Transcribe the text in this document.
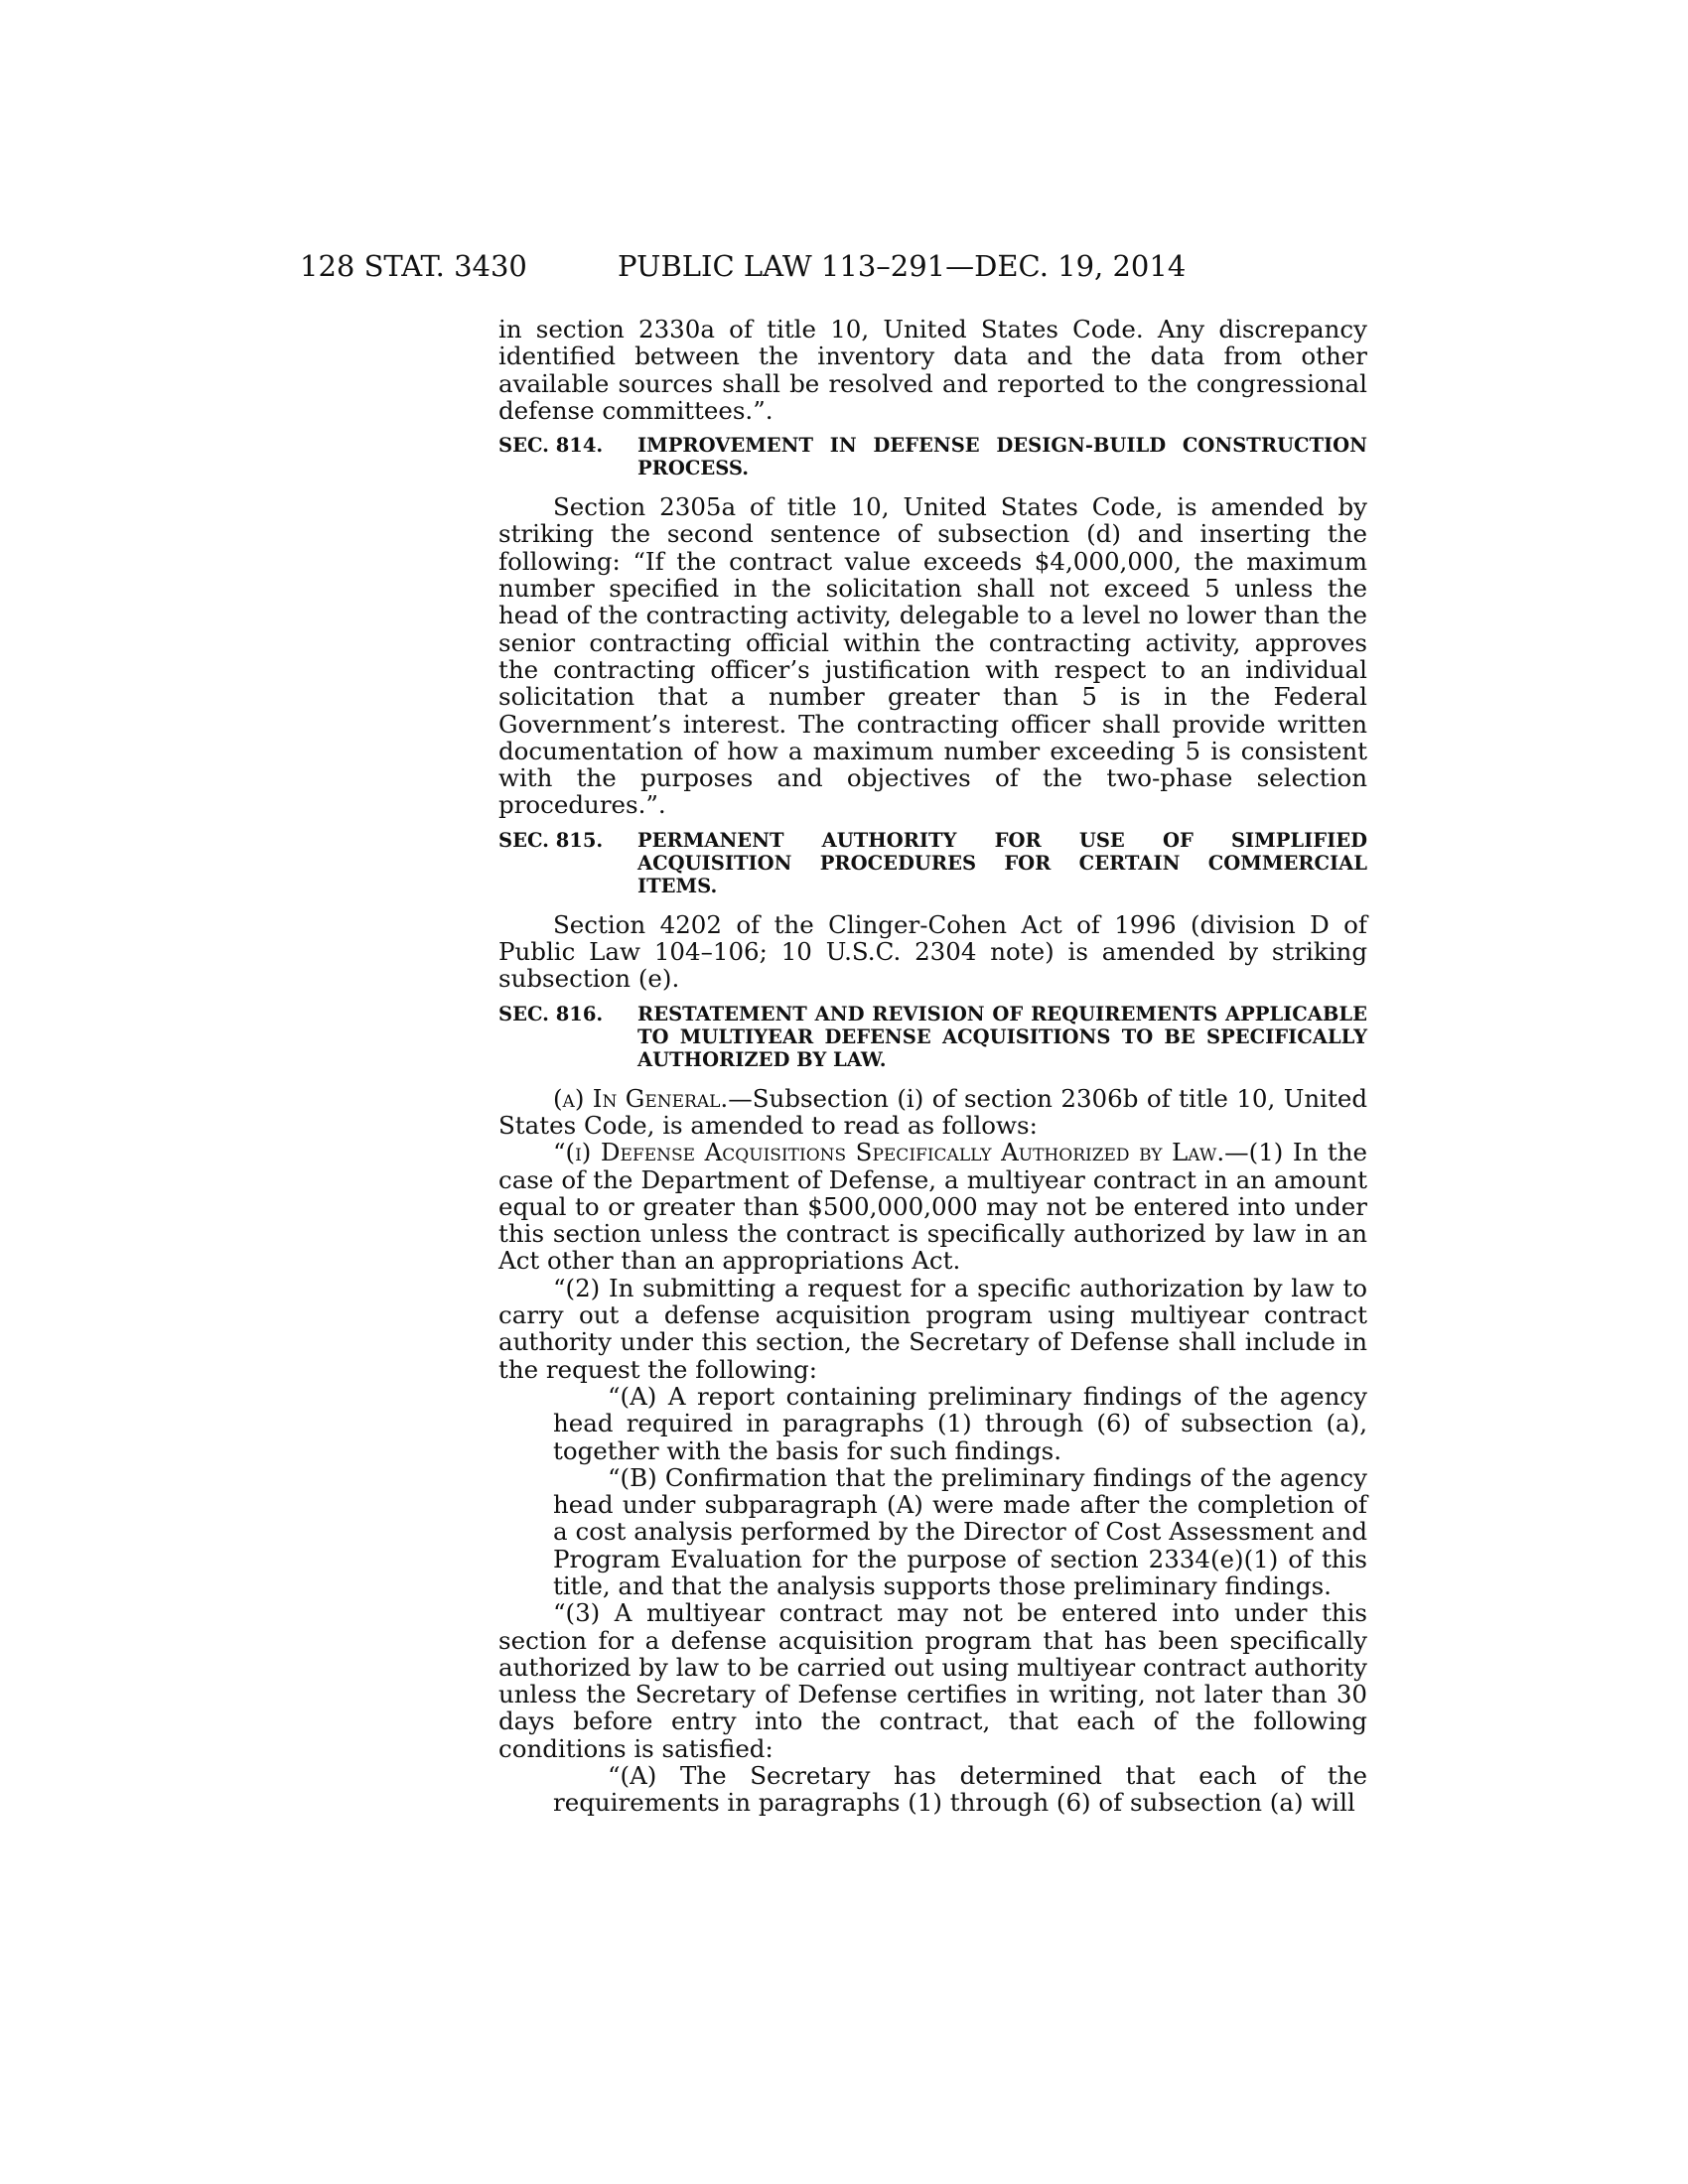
128 STAT. 3430	PUBLIC LAW 113–291—DEC. 19, 2014

in section 2330a of title 10, United States Code. Any discrepancy identified between the inventory data and the data from other available sources shall be resolved and reported to the congressional defense committees.”.

SEC. 814. IMPROVEMENT IN DEFENSE DESIGN-BUILD CONSTRUCTION PROCESS.

Section 2305a of title 10, United States Code, is amended by striking the second sentence of subsection (d) and inserting the following: “If the contract value exceeds $4,000,000, the maximum number specified in the solicitation shall not exceed 5 unless the head of the contracting activity, delegable to a level no lower than the senior contracting official within the contracting activity, approves the contracting officer’s justification with respect to an individual solicitation that a number greater than 5 is in the Federal Government’s interest. The contracting officer shall provide written documentation of how a maximum number exceeding 5 is consistent with the purposes and objectives of the two-phase selection procedures.”.

SEC. 815. PERMANENT AUTHORITY FOR USE OF SIMPLIFIED ACQUISITION PROCEDURES FOR CERTAIN COMMERCIAL ITEMS.

Section 4202 of the Clinger-Cohen Act of 1996 (division D of Public Law 104–106; 10 U.S.C. 2304 note) is amended by striking subsection (e).

SEC. 816. RESTATEMENT AND REVISION OF REQUIREMENTS APPLICABLE TO MULTIYEAR DEFENSE ACQUISITIONS TO BE SPECIFICALLY AUTHORIZED BY LAW.

(a) In General.—Subsection (i) of section 2306b of title 10, United States Code, is amended to read as follows:

“(i) Defense Acquisitions Specifically Authorized by Law.—(1) In the case of the Department of Defense, a multiyear contract in an amount equal to or greater than $500,000,000 may not be entered into under this section unless the contract is specifically authorized by law in an Act other than an appropriations Act.

“(2) In submitting a request for a specific authorization by law to carry out a defense acquisition program using multiyear contract authority under this section, the Secretary of Defense shall include in the request the following:

“(A) A report containing preliminary findings of the agency head required in paragraphs (1) through (6) of subsection (a), together with the basis for such findings.

“(B) Confirmation that the preliminary findings of the agency head under subparagraph (A) were made after the completion of a cost analysis performed by the Director of Cost Assessment and Program Evaluation for the purpose of section 2334(e)(1) of this title, and that the analysis supports those preliminary findings.

“(3) A multiyear contract may not be entered into under this section for a defense acquisition program that has been specifically authorized by law to be carried out using multiyear contract authority unless the Secretary of Defense certifies in writing, not later than 30 days before entry into the contract, that each of the following conditions is satisfied:

“(A) The Secretary has determined that each of the requirements in paragraphs (1) through (6) of subsection (a) will
